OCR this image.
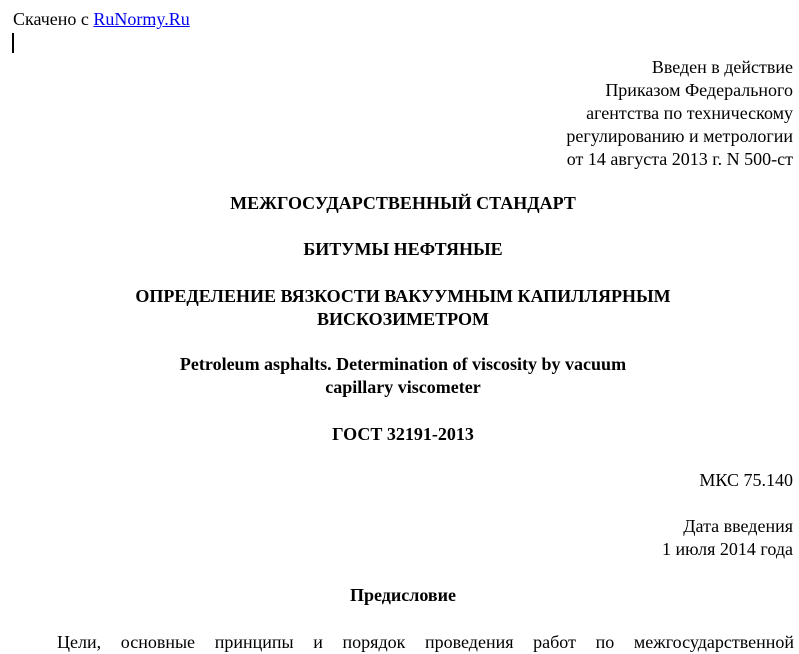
Скачено с RuNormy.Ru
Введен в действие
Приказом Федерального
агентства по техническому
регулированию и метрологии
от 14 августа 2013 г. N 500-ст
МЕЖГОСУДАРСТВЕННЫЙ СТАНДАРТ
БИТУМЫ НЕФТЯНЫЕ
ОПРЕДЕЛЕНИЕ ВЯЗКОСТИ ВАКУУМНЫМ КАПИЛЛЯРНЫМ
ВИСКОЗИМЕТРОМ
Petroleum asphalts. Determination of viscosity by vacuum
capillary viscometer
ГОСТ 32191-2013
МКС 75.140
Дата введения
1 июля 2014 года
Предисловие
Цели, основные принципы и порядок проведения работ по межгосударственной
